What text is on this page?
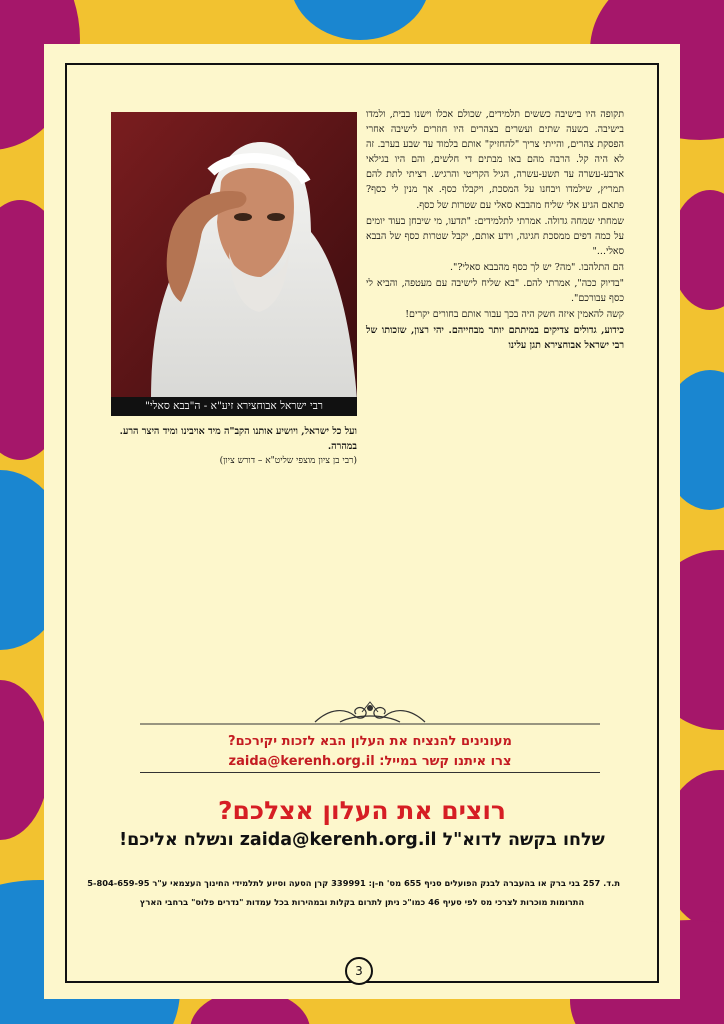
רבי ישראל אבוחצירא זיע"א - ה"בבא סאלי"
ועל כל ישראל, ויושיע אותנו הקב"ה מיד אויבינו ומיד היצר הרע. במהרה.
(רבי בן ציון מוצפי שליט"א – דורש ציון)

תקופה היו בישיבה כששים תלמידים, שכולם אכלו וישנו בבית, ולמדו בישיבה. בשעה שתים ועשרים בצהרים היו חוזרים לישיבה אחרי הפסקת צהרים, והייתי צריך "להחזיק" אותם בלמוד עד שבע בערב. זה לא היה קל. הרבה מהם באו מבתים די חלשים, והם היו בגילאי ארבע-עשרה עד תשע-עשרה, הגיל הקריטי והרגיש. רציתי לתת להם תמריץ, שילמדו ויבחנו על המסכת, ויקבלו כסף. אך מנין לי כסף? פתאם הגיע אלי שליח מהבבא סאלי עם שטרות של כסף.

שמחתי שמחה גדולה. אמרתי לתלמידים: "תדעו, מי שיבחן בעוד יומים על כמה דפים ממסכת חגיגה, וידע אותם, יקבל שטרות כסף של הבבא סאלי..."

הם התלהבו. "מה? יש לך כסף מהבבא סאלי?".

"בדיוק ככה", אמרתי להם. "בא שליח לישיבה עם מעטפה, והביא לי כסף עבורכם".

קשה להאמין איזה חשק היה בכך עבור אותם בחורים יקרים!

כידוע, גדולים צדיקים במיתתם יותר מבחייהם. יהי רצון, שזכותו של רבי ישראל אבוחצירא תגן עלינו

מעונינים להנציח את העלון הבא לזכות יקירכם?
צרו איתנו קשר במייל: zaida@kerenh.org.il
רוצים את העלון אצלכם?
שלחו בקשה לדוא"ל zaida@kerenh.org.il ונשלח אליכם!
ת.ד. 257 בני ברק או בהעברה לבנק הפועלים סניף 655 מס' ח-ן: 339991 קרן הסעה וסיוע לתלמידי החינוך העצמאי ע"ר 5-804-659-95
התרומות מוכרות לצרכי מס לפי סעיף 46 כמו"כ ניתן לתרום בקלות ובמהירות בכל עמדות "נדרים פלוס" ברחבי הארץ
3
